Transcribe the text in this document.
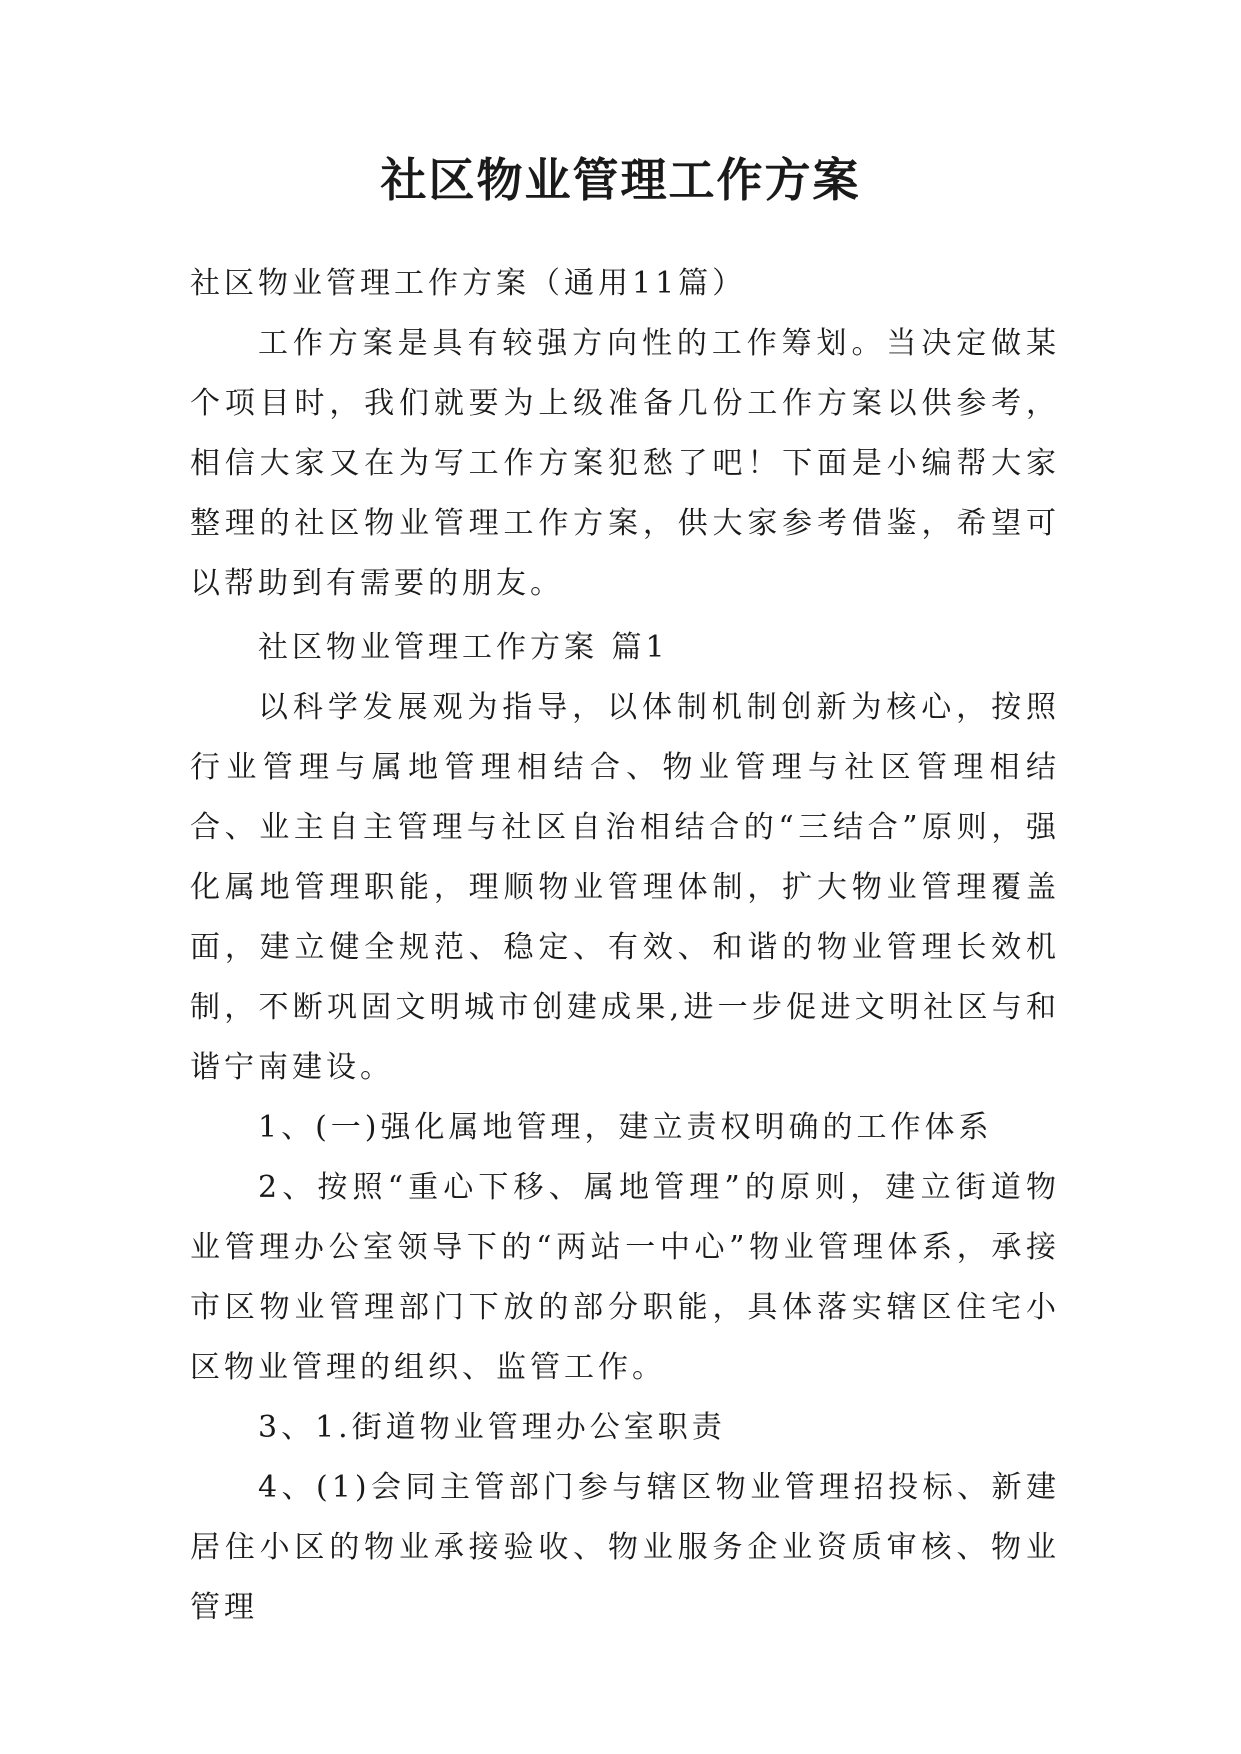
社区物业管理工作方案

社区物业管理工作方案（通用11篇）

工作方案是具有较强方向性的工作筹划。当决定做某个项目时，我们就要为上级准备几份工作方案以供参考，相信大家又在为写工作方案犯愁了吧！下面是小编帮大家整理的社区物业管理工作方案，供大家参考借鉴，希望可以帮助到有需要的朋友。

社区物业管理工作方案 篇1

以科学发展观为指导，以体制机制创新为核心，按照行业管理与属地管理相结合、物业管理与社区管理相结合、业主自主管理与社区自治相结合的“三结合”原则，强化属地管理职能，理顺物业管理体制，扩大物业管理覆盖面，建立健全规范、稳定、有效、和谐的物业管理长效机制，不断巩固文明城市创建成果,进一步促进文明社区与和谐宁南建设。

1、(一)强化属地管理，建立责权明确的工作体系

2、按照“重心下移、属地管理”的原则，建立街道物业管理办公室领导下的“两站一中心”物业管理体系，承接市区物业管理部门下放的部分职能，具体落实辖区住宅小区物业管理的组织、监管工作。

3、1.街道物业管理办公室职责

4、(1)会同主管部门参与辖区物业管理招投标、新建居住小区的物业承接验收、物业服务企业资质审核、物业管理
